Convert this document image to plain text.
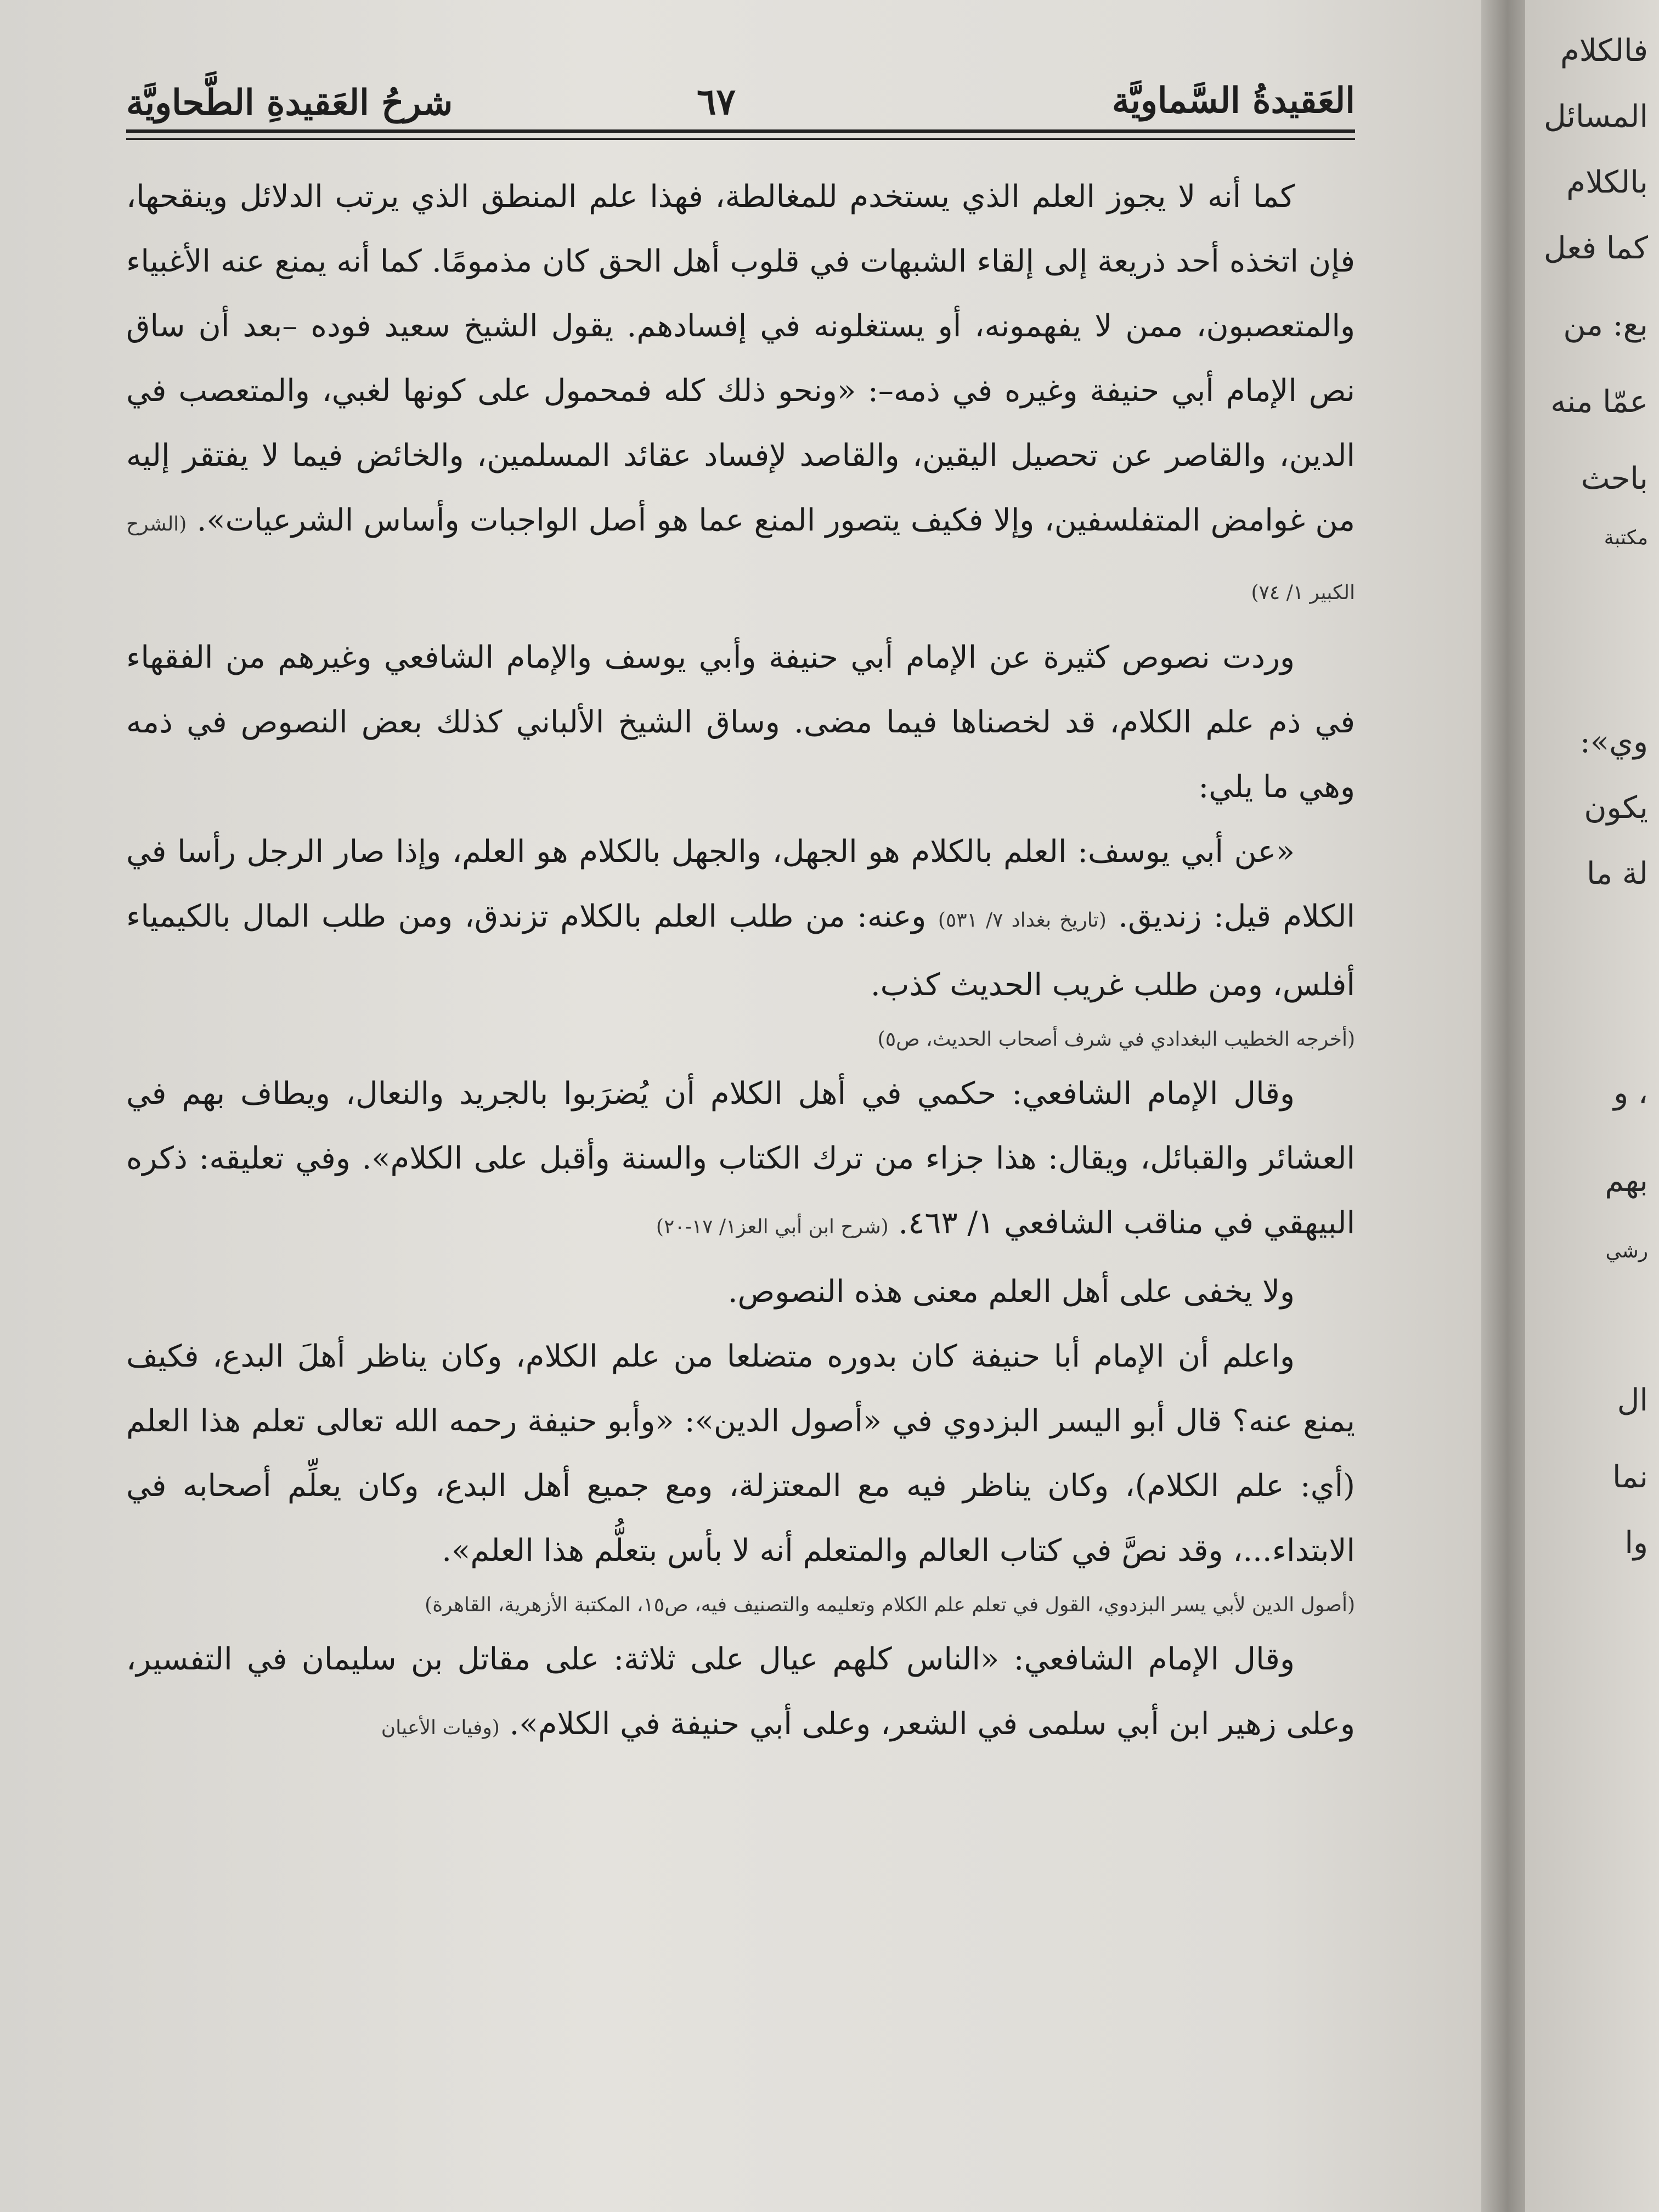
شرحُ العَقيدةِ الطَّحاويَّة	٦٧	العَقيدةُ السَّماويَّة

كما أنه لا يجوز العلم الذي يستخدم للمغالطة، فهذا علم المنطق الذي يرتب الدلائل وينقحها، فإن اتخذه أحد ذريعة إلى إلقاء الشبهات في قلوب أهل الحق كان مذمومًا. كما أنه يمنع عنه الأغبياء والمتعصبون، ممن لا يفهمونه، أو يستغلونه في إفسادهم. يقول الشيخ سعيد فوده –بعد أن ساق نص الإمام أبي حنيفة وغيره في ذمه–: «ونحو ذلك كله فمحمول على كونها لغبي، والمتعصب في الدين، والقاصر عن تحصيل اليقين، والقاصد لإفساد عقائد المسلمين، والخائض فيما لا يفتقر إليه من غوامض المتفلسفين، وإلا فكيف يتصور المنع عما هو أصل الواجبات وأساس الشرعيات». (الشرح الكبير ١/ ٧٤)

وردت نصوص كثيرة عن الإمام أبي حنيفة وأبي يوسف والإمام الشافعي وغيرهم من الفقهاء في ذم علم الكلام، قد لخصناها فيما مضى. وساق الشيخ الألباني كذلك بعض النصوص في ذمه وهي ما يلي:

«عن أبي يوسف: العلم بالكلام هو الجهل، والجهل بالكلام هو العلم، وإذا صار الرجل رأسا في الكلام قيل: زنديق. (تاريخ بغداد ٧/ ٥٣١) وعنه: من طلب العلم بالكلام تزندق، ومن طلب المال بالكيمياء أفلس، ومن طلب غريب الحديث كذب.

(أخرجه الخطيب البغدادي في شرف أصحاب الحديث، ص٥)

وقال الإمام الشافعي: حكمي في أهل الكلام أن يُضرَبوا بالجريد والنعال، ويطاف بهم في العشائر والقبائل، ويقال: هذا جزاء من ترك الكتاب والسنة وأقبل على الكلام». وفي تعليقه: ذكره البيهقي في مناقب الشافعي ١/ ٤٦٣. (شرح ابن أبي العز١/ ١٧-٢٠)

ولا يخفى على أهل العلم معنى هذه النصوص.

واعلم أن الإمام أبا حنيفة كان بدوره متضلعا من علم الكلام، وكان يناظر أهلَ البدع، فكيف يمنع عنه؟ قال أبو اليسر البزدوي في «أصول الدين»: «وأبو حنيفة رحمه الله تعالى تعلم هذا العلم (أي: علم الكلام)، وكان يناظر فيه مع المعتزلة، ومع جميع أهل البدع، وكان يعلِّم أصحابه في الابتداء...، وقد نصَّ في كتاب العالم والمتعلم أنه لا بأس بتعلُّم هذا العلم».

(أصول الدين لأبي يسر البزدوي، القول في تعلم علم الكلام وتعليمه والتصنيف فيه، ص١٥، المكتبة الأزهرية، القاهرة)

وقال الإمام الشافعي: «الناس كلهم عيال على ثلاثة: على مقاتل بن سليمان في التفسير، وعلى زهير ابن أبي سلمى في الشعر، وعلى أبي حنيفة في الكلام». (وفيات الأعيان

فالكلام
المسائل
بالكلام
كما فعل
بع: من
عمّا منه
باحث
مكتبة
وي»:
يكون
لة ما
، و
بهم
رشي
ال
نما
وا
